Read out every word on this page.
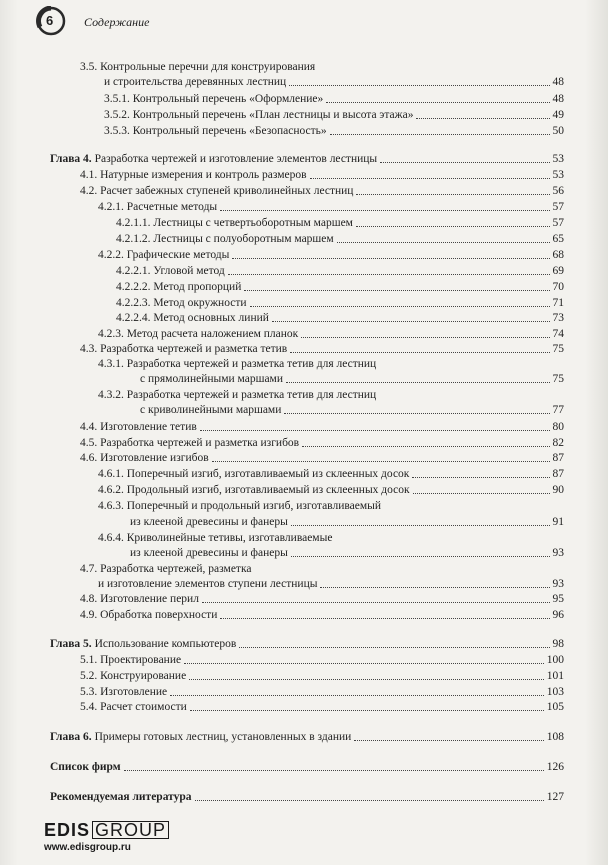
6	Содержание
3.5. Контрольные перечни для конструирования
и строительства деревянных лестниц	48
3.5.1. Контрольный перечень «Оформление»	48
3.5.2. Контрольный перечень «План лестницы и высота этажа»	49
3.5.3. Контрольный перечень «Безопасность»	50
Глава 4. Разработка чертежей и изготовление элементов лестницы	53
4.1. Натурные измерения и контроль размеров	53
4.2. Расчет забежных ступеней криволинейных лестниц	56
4.2.1. Расчетные методы	57
4.2.1.1. Лестницы с четвертьоборотным маршем	57
4.2.1.2. Лестницы с полуоборотным маршем	65
4.2.2. Графические методы	68
4.2.2.1. Угловой метод	69
4.2.2.2. Метод пропорций	70
4.2.2.3. Метод окружности	71
4.2.2.4. Метод основных линий	73
4.2.3. Метод расчета наложением планок	74
4.3. Разработка чертежей и разметка тетив	75
4.3.1. Разработка чертежей и разметка тетив для лестниц
с прямолинейными маршами	75
4.3.2. Разработка чертежей и разметка тетив для лестниц
с криволинейными маршами	77
4.4. Изготовление тетив	80
4.5. Разработка чертежей и разметка изгибов	82
4.6. Изготовление изгибов	87
4.6.1. Поперечный изгиб, изготавливаемый из склеенных досок	87
4.6.2. Продольный изгиб, изготавливаемый из склеенных досок	90
4.6.3. Поперечный и продольный изгиб, изготавливаемый
из клееной древесины и фанеры	91
4.6.4. Криволинейные тетивы, изготавливаемые
из клееной древесины и фанеры	93
4.7. Разработка чертежей, разметка
и изготовление элементов ступени лестницы	93
4.8. Изготовление перил	95
4.9. Обработка поверхности	96
Глава 5. Использование компьютеров	98
5.1. Проектирование	100
5.2. Конструирование	101
5.3. Изготовление	103
5.4. Расчет стоимости	105
Глава 6. Примеры готовых лестниц, установленных в здании	108
Список фирм	126
Рекомендуемая литература	127
EDIS GROUP
www.edisgroup.ru
